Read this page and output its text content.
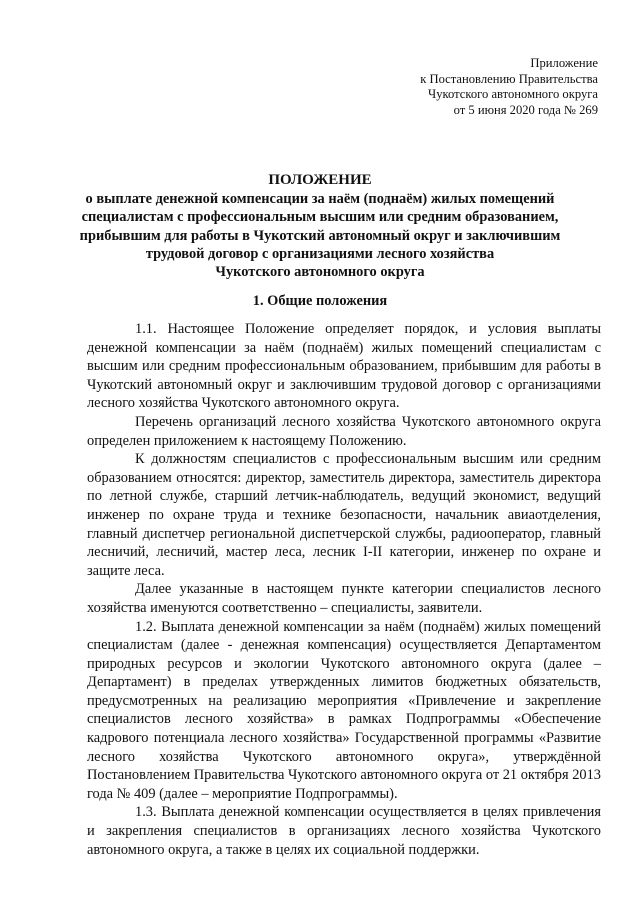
Приложение
к Постановлению Правительства
Чукотского автономного округа
от 5 июня 2020 года № 269
ПОЛОЖЕНИЕ
о выплате денежной компенсации за наём (поднаём) жилых помещений
специалистам с профессиональным высшим или средним образованием,
прибывшим для работы в Чукотский автономный округ и заключившим
трудовой договор с организациями лесного хозяйства
Чукотского автономного округа
1. Общие положения

1.1. Настоящее Положение определяет порядок, и условия выплаты денежной компенсации за наём (поднаём) жилых помещений специалистам с высшим или средним профессиональным образованием, прибывшим для работы в Чукотский автономный округ и заключившим трудовой договор с организациями лесного хозяйства Чукотского автономного округа.

Перечень организаций лесного хозяйства Чукотского автономного округа определен приложением к настоящему Положению.

К должностям специалистов с профессиональным высшим или средним образованием относятся: директор, заместитель директора, заместитель директора по летной службе, старший летчик-наблюдатель, ведущий экономист, ведущий инженер по охране труда и технике безопасности, начальник авиаотделения, главный диспетчер региональной диспетчерской службы, радиооператор, главный лесничий, лесничий, мастер леса, лесник I-II категории, инженер по охране и защите леса.

Далее указанные в настоящем пункте категории специалистов лесного хозяйства именуются соответственно – специалисты, заявители.

1.2. Выплата денежной компенсации за наём (поднаём) жилых помещений специалистам (далее - денежная компенсация) осуществляется Департаментом природных ресурсов и экологии Чукотского автономного округа (далее – Департамент) в пределах утвержденных лимитов бюджетных обязательств, предусмотренных на реализацию мероприятия «Привлечение и закрепление специалистов лесного хозяйства» в рамках Подпрограммы «Обеспечение кадрового потенциала лесного хозяйства» Государственной программы «Развитие лесного хозяйства Чукотского автономного округа», утверждённой Постановлением Правительства Чукотского автономного округа от 21 октября 2013 года № 409 (далее – мероприятие Подпрограммы).

1.3. Выплата денежной компенсации осуществляется в целях привлечения и закрепления специалистов в организациях лесного хозяйства Чукотского автономного округа, а также в целях их социальной поддержки.
